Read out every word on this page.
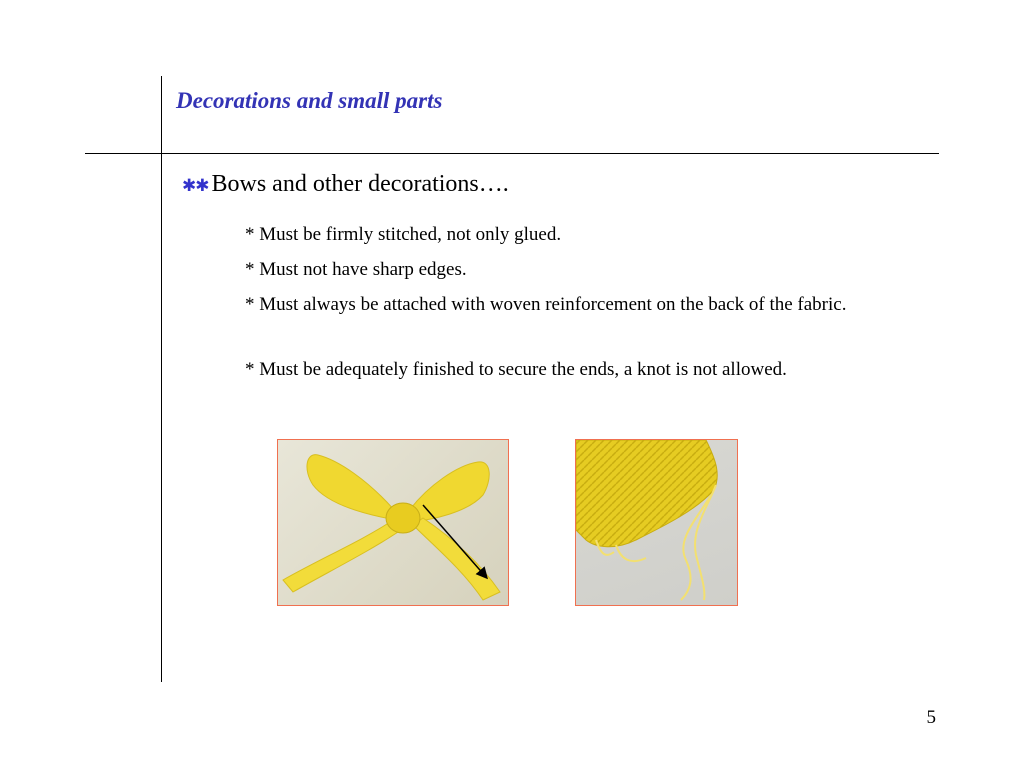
Decorations and small parts
✱✱ Bows and other decorations….
* Must be firmly stitched, not only glued.
* Must not have sharp edges.
* Must always be attached with woven reinforcement on the back of the fabric.
* Must be adequately finished to secure the ends, a knot is not allowed.
5
